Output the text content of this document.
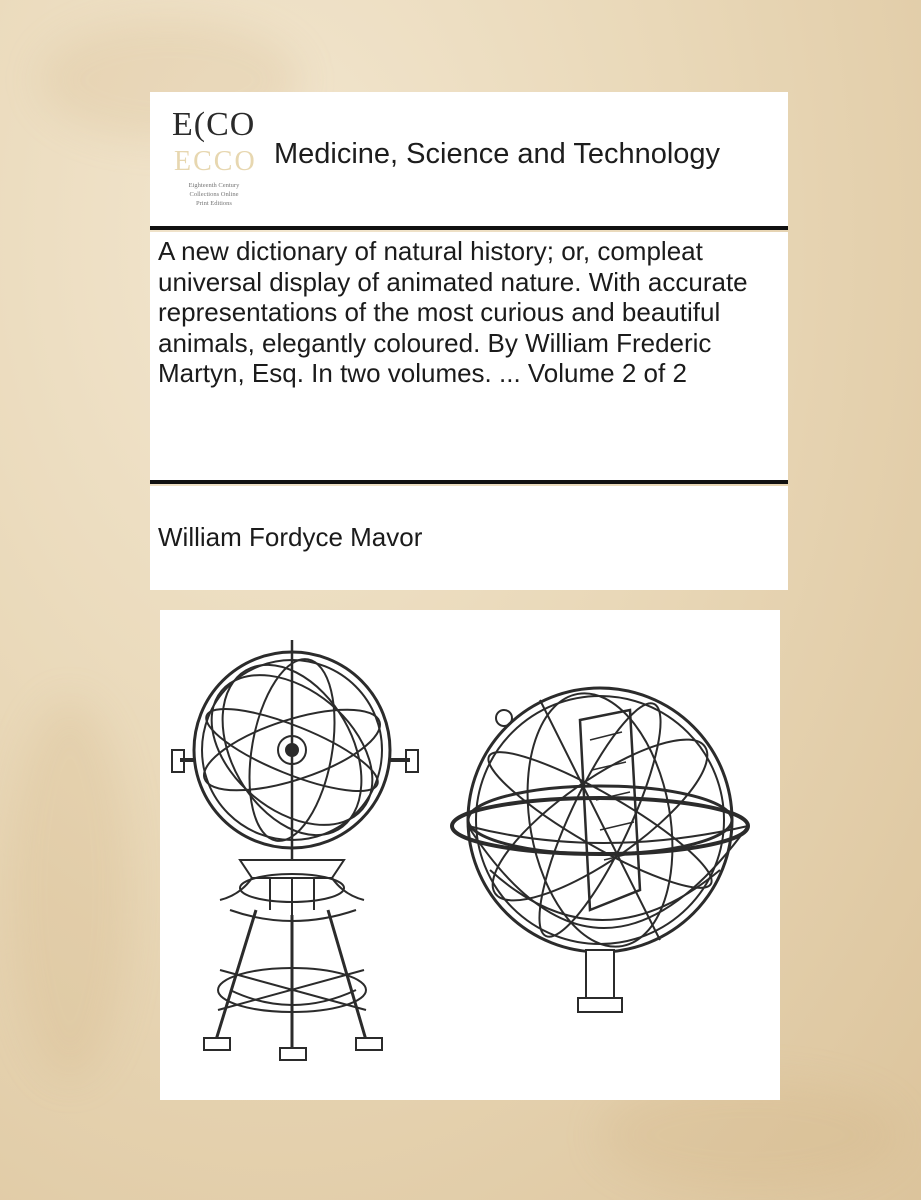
E(CO
ECCO
Eighteenth Century
Collections Online
Print Editions
Medicine, Science and Technology

A new dictionary of natural history; or, compleat universal display of animated nature. With accurate representations of the most curious and beautiful animals, elegantly coloured. By William Frederic Martyn, Esq. In two volumes. ... Volume 2 of 2

William Fordyce Mavor
